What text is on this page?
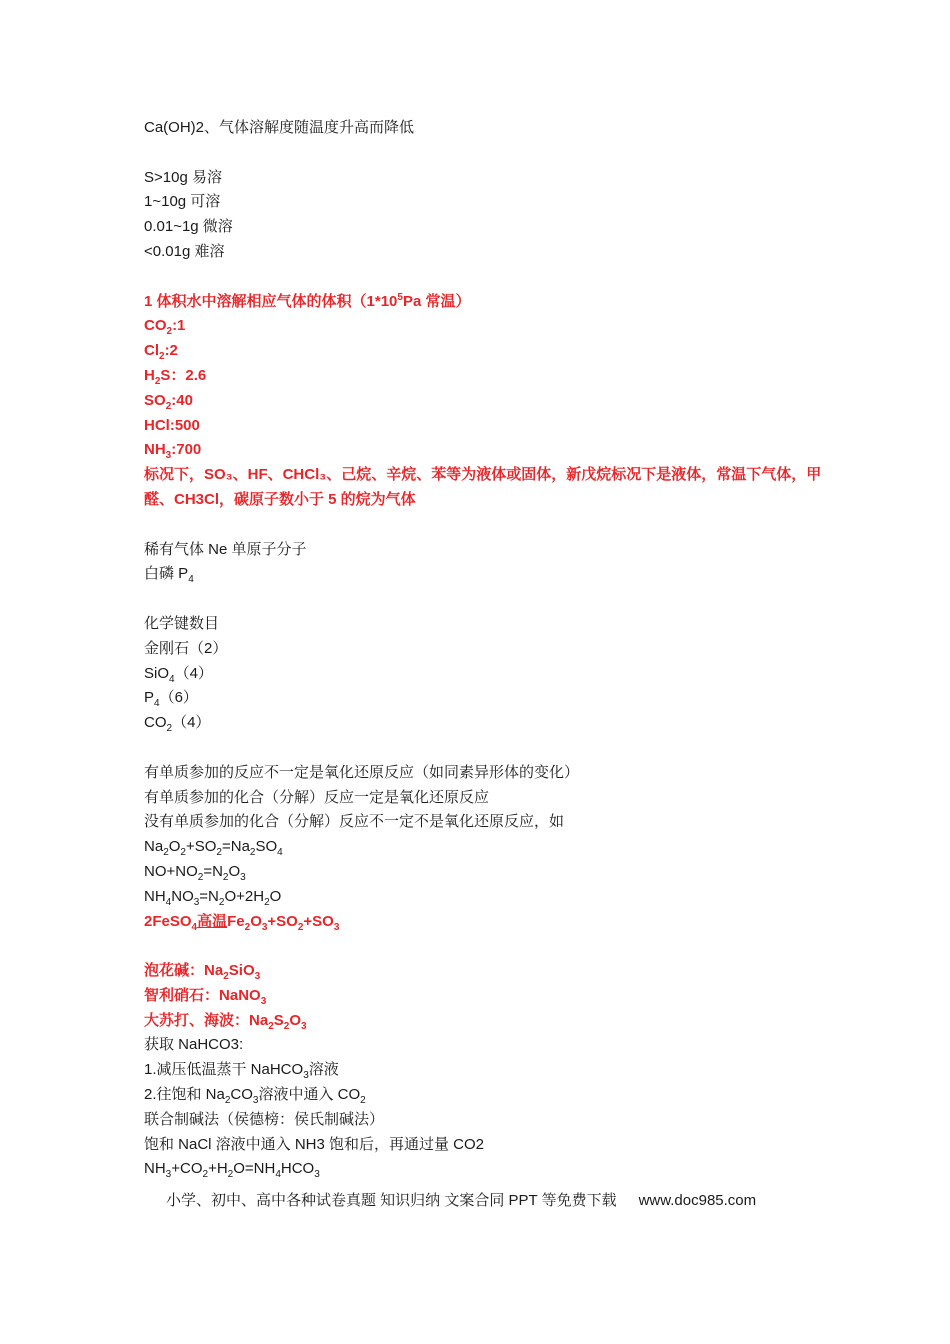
Ca(OH)2、气体溶解度随温度升高而降低
S>10g 易溶
1~10g 可溶
0.01~1g 微溶
<0.01g 难溶
1 体积水中溶解相应气体的体积（$1*10^5Pa$ 常温）
$CO_2:1$
$Cl_2:2$
$H_2S$：2.6
$SO_2:40$
HCl:500
$NH_3:700$
标况下，SO₃、HF、CHCl₃、己烷、辛烷、苯等为液体或固体，新戊烷标况下是液体，常温下气体，甲醛、CH3Cl，碳原子数小于 5 的烷为气体
稀有气体 Ne 单原子分子
白磷 $P_4$
化学键数目
金刚石（2）
SiO$_4$（4）
$P_4(6)$
$CO_2(4)$
有单质参加的反应不一定是氧化还原反应（如同素异形体的变化）
有单质参加的化合（分解）反应一定是氧化还原反应
没有单质参加的化合（分解）反应不一定不是氧化还原反应，如
$Na_2O_2+SO_2=Na_2SO_4$
$NO+NO_2=N_2O_3$
$NH_4NO_3=N_2O+2H_2O$
2FeSO$_4$高温$Fe_2O_3+SO_2+SO_3$
泡花碱：$Na_2SiO_3$
智利硝石：NaNO$_3$
大苏打、海波：$Na_2S_2O_3$
获取 NaHCO3:
1.减压低温蒸干 NaHCO$_3$溶液
2.往饱和 $Na_2CO_3$溶液中通入 $CO_2$
联合制碱法（侯德榜：侯氏制碱法）
饱和 NaCl 溶液中通入 NH3 饱和后，再通过量 CO2
$NH_3+CO_2+H_2O=NH_4HCO_3$
小学、初中、高中各种试卷真题 知识归纳 文案合同 PPT 等免费下载 www.doc985.com
